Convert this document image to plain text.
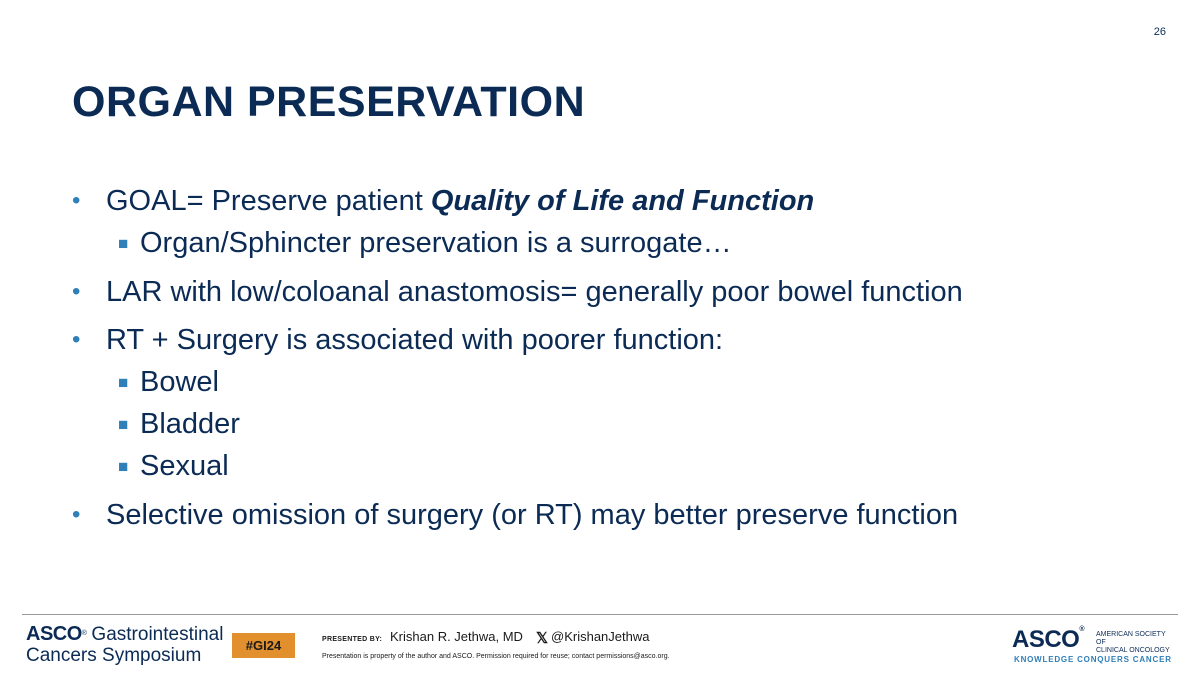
26
ORGAN PRESERVATION
• GOAL= Preserve patient Quality of Life and Function
■ Organ/Sphincter preservation is a surrogate…
• LAR with low/coloanal anastomosis= generally poor bowel function
• RT + Surgery is associated with poorer function:
■ Bowel
■ Bladder
■ Sexual
• Selective omission of surgery (or RT) may better preserve function
ASCO® Gastrointestinal
Cancers Symposium	#GI24	PRESENTED BY: Krishan R. Jethwa, MD 𝕏 @KrishanJethwa
Presentation is property of the author and ASCO. Permission required for reuse; contact permissions@asco.org.
ASCO®
AMERICAN SOCIETY OF
CLINICAL ONCOLOGY
KNOWLEDGE CONQUERS CANCER
